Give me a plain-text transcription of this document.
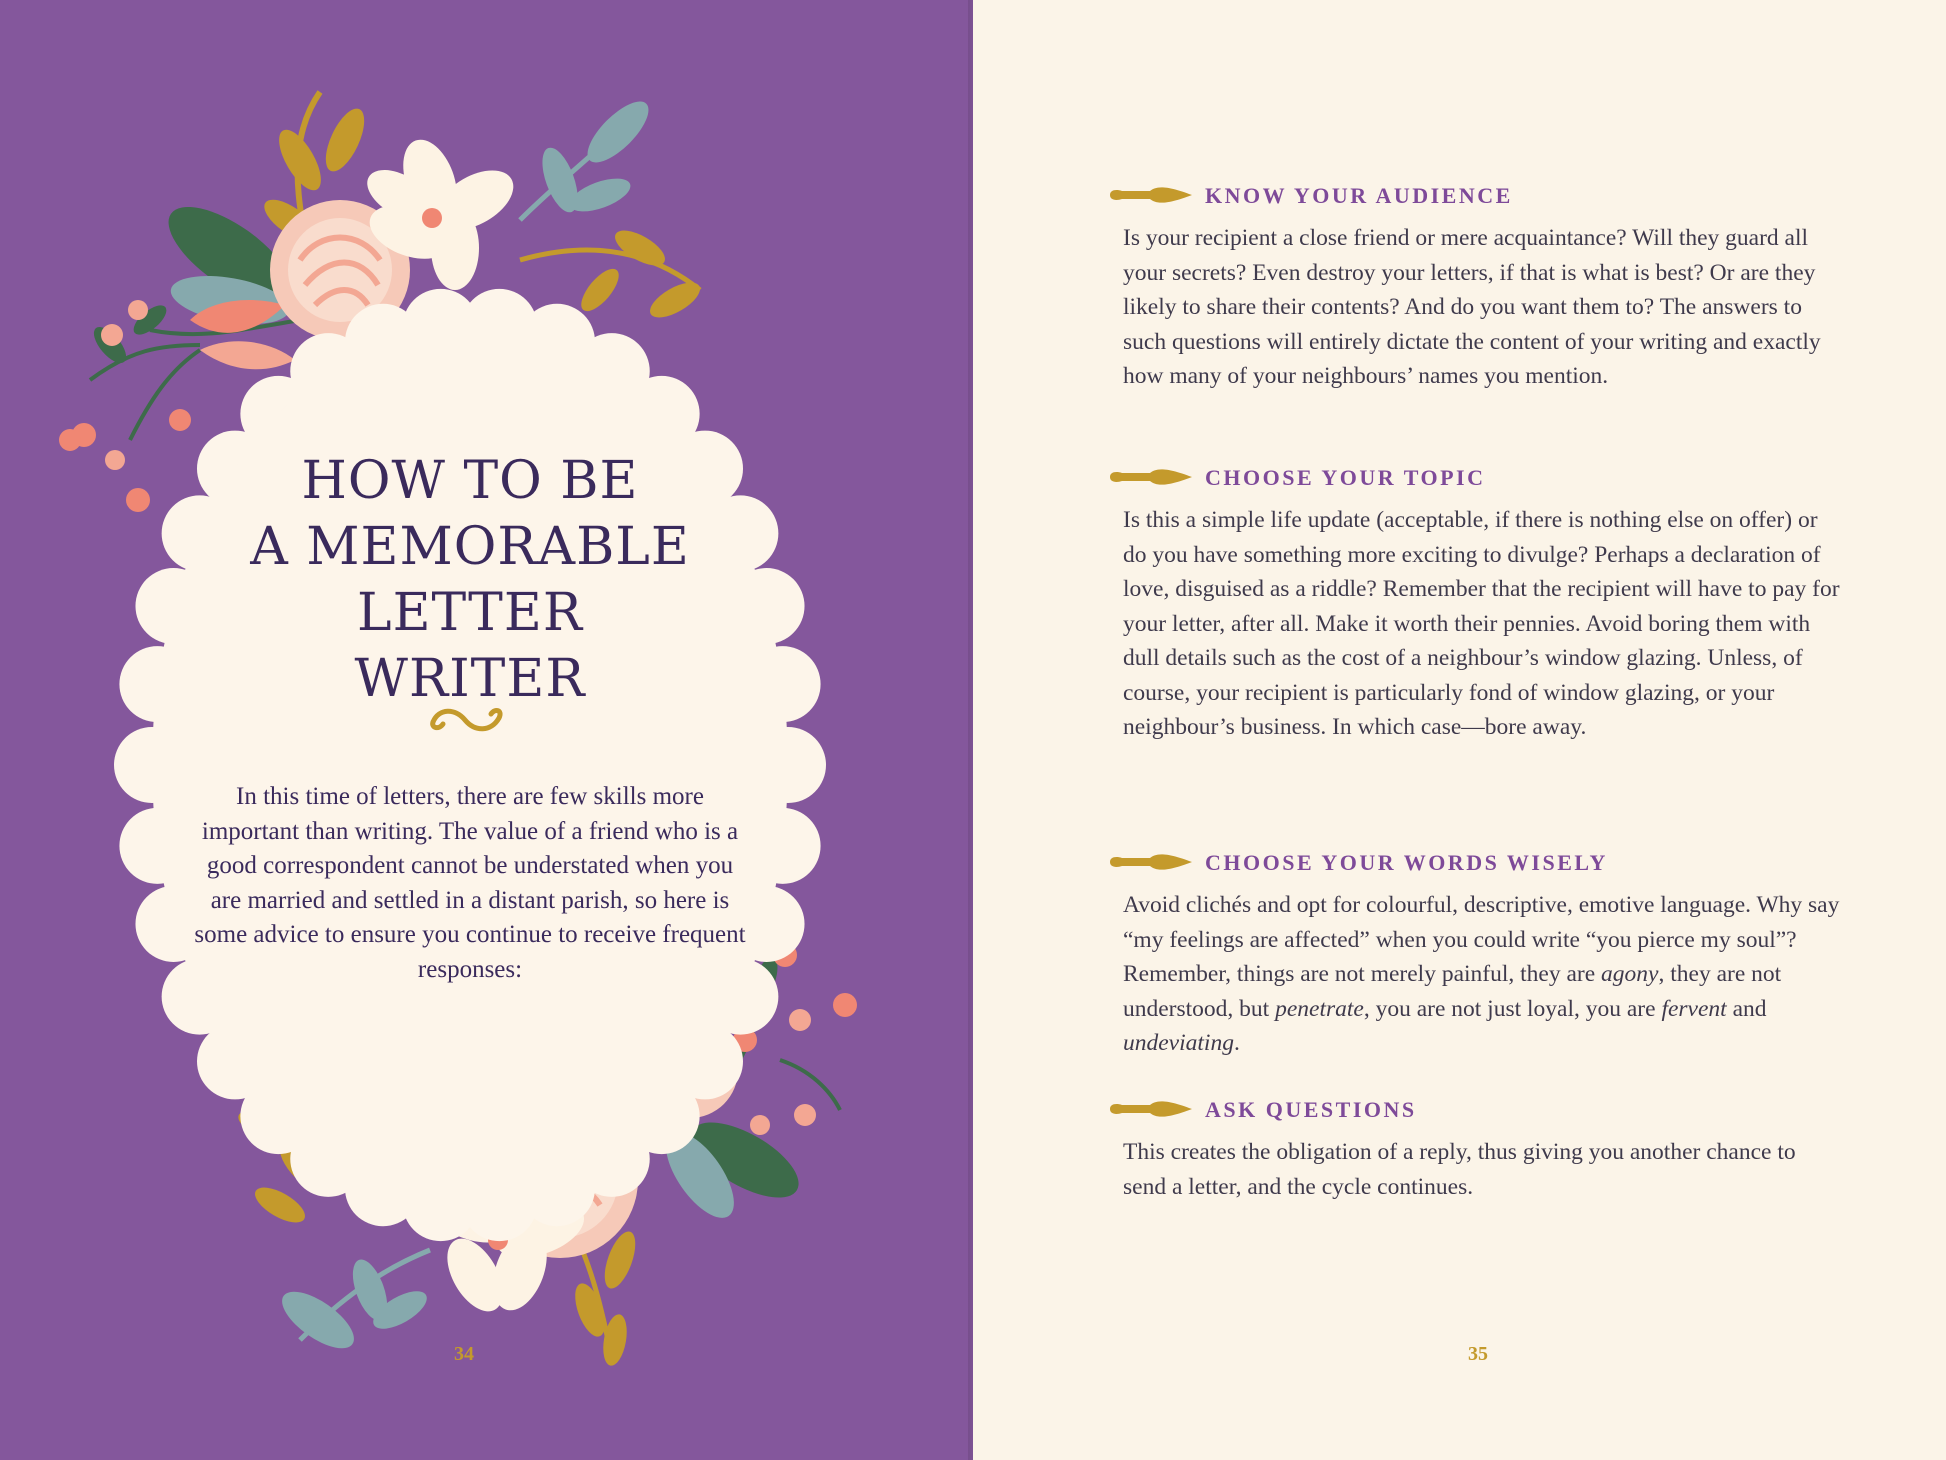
HOW TO BE
A MEMORABLE
LETTER WRITER
In this time of letters, there are few skills more important than writing. The value of a friend who is a good correspondent cannot be understated when you are married and settled in a distant parish, so here is some advice to ensure you continue to receive frequent responses:
34
KNOW YOUR AUDIENCE

Is your recipient a close friend or mere acquaintance? Will they guard all your secrets? Even destroy your letters, if that is what is best? Or are they likely to share their contents? And do you want them to? The answers to such questions will entirely dictate the content of your writing and exactly how many of your neighbours’ names you mention.

CHOOSE YOUR TOPIC

Is this a simple life update (acceptable, if there is nothing else on offer) or do you have something more exciting to divulge? Perhaps a declaration of love, disguised as a riddle? Remember that the recipient will have to pay for your letter, after all. Make it worth their pennies. Avoid boring them with dull details such as the cost of a neighbour’s window glazing. Unless, of course, your recipient is particularly fond of window glazing, or your neighbour’s business. In which case—bore away.

CHOOSE YOUR WORDS WISELY

Avoid clichés and opt for colourful, descriptive, emotive language. Why say “my feelings are affected” when you could write “you pierce my soul”? Remember, things are not merely painful, they are agony, they are not understood, but penetrate, you are not just loyal, you are fervent and undeviating.

ASK QUESTIONS

This creates the obligation of a reply, thus giving you another chance to send a letter, and the cycle continues.

35
